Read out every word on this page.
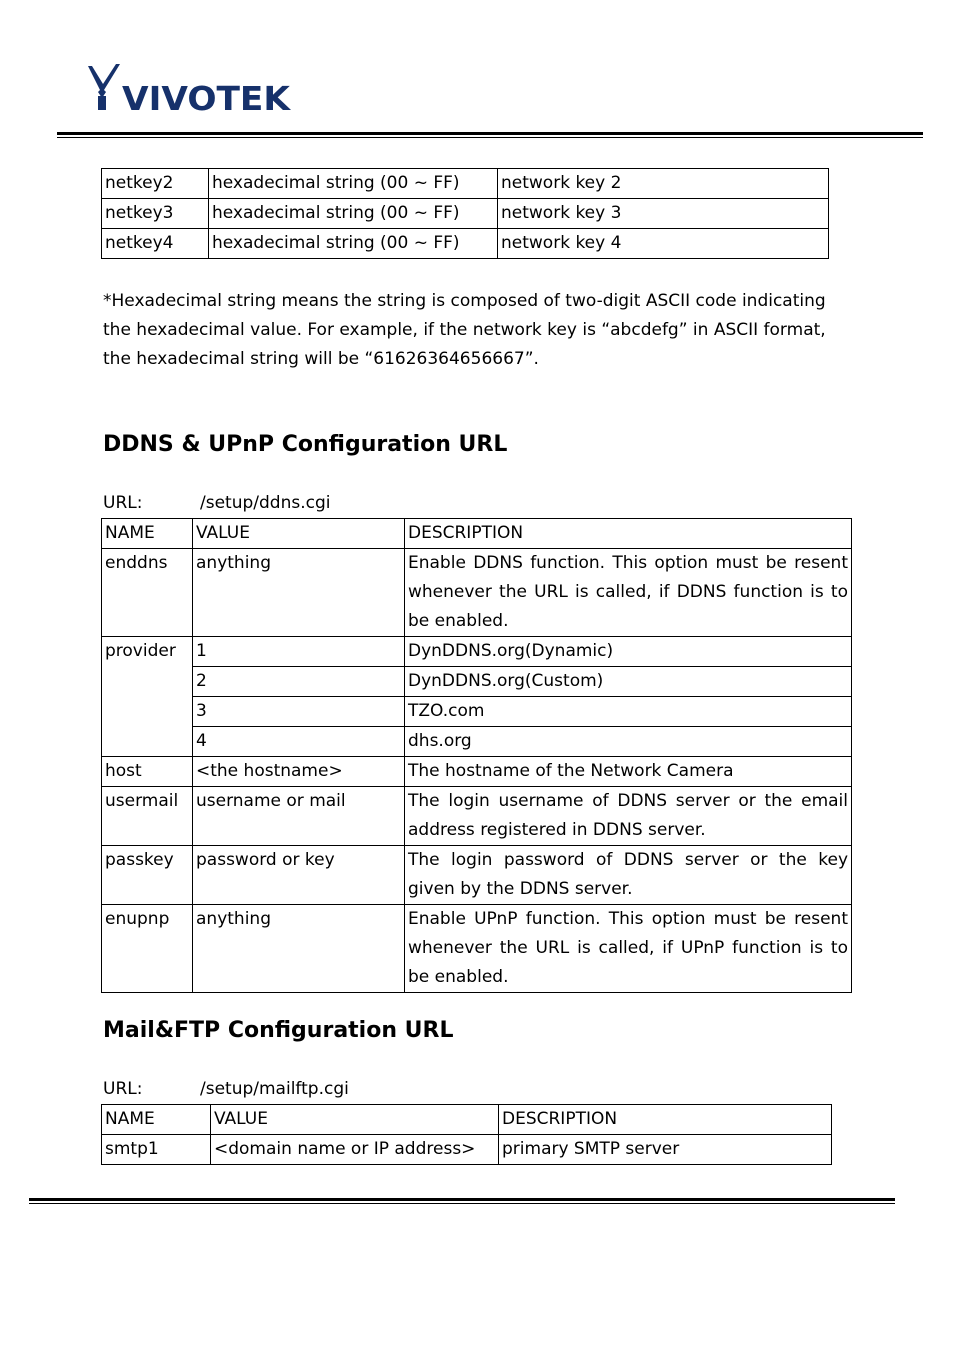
VIVOTEK
netkey2	hexadecimal string (00 ~ FF)	network key 2
netkey3	hexadecimal string (00 ~ FF)	network key 3
netkey4	hexadecimal string (00 ~ FF)	network key 4

*Hexadecimal string means the string is composed of two-digit ASCII code indicating

the hexadecimal value. For example, if the network key is “abcdefg” in ASCII format,

the hexadecimal string will be “61626364656667”.

DDNS & UPnP Configuration URL
URL:	/setup/ddns.cgi
NAME	VALUE	DESCRIPTION
enddns	anything	Enable DDNS function. This option must be resent whenever the URL is called, if DDNS function is to be enabled.
provider	1	DynDDNS.org(Dynamic)
	2	DynDDNS.org(Custom)
	3	TZO.com
	4	dhs.org
host	<the hostname>	The hostname of the Network Camera
usermail	username or mail	The login username of DDNS server or the email address registered in DDNS server.
passkey	password or key	The login password of DDNS server or the key given by the DDNS server.
enupnp	anything	Enable UPnP function. This option must be resent whenever the URL is called, if UPnP function is to be enabled.
Mail&FTP Configuration URL
URL:	/setup/mailftp.cgi
NAME	VALUE	DESCRIPTION
smtp1	<domain name or IP address>	primary SMTP server
